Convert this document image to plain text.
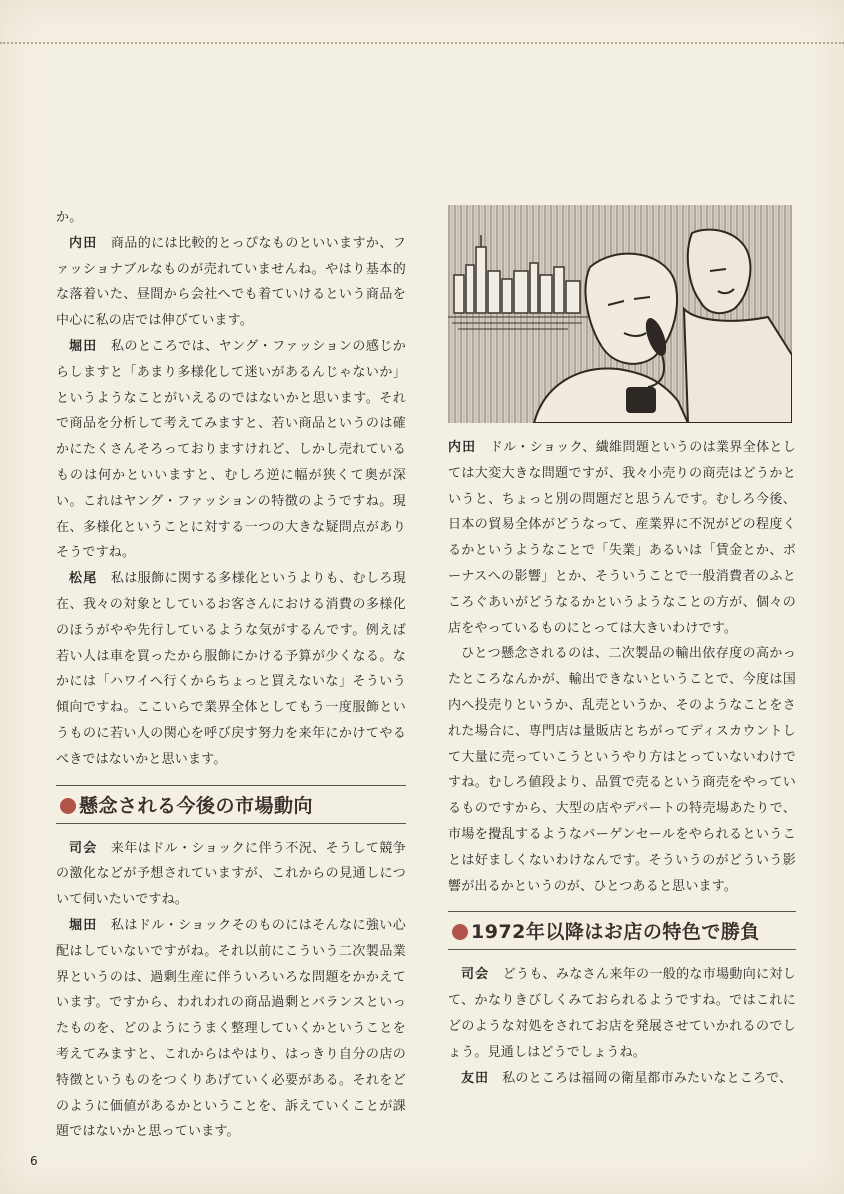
か。

内田　 商品的には比較的とっぴなものといいますか、ファッショナブルなものが売れていませんね。やはり基本的な落着いた、昼間から会社へでも着ていけるという商品を中心に私の店では伸びています。

堀田　 私のところでは、ヤング・ファッションの感じからしますと「あまり多様化して迷いがあるんじゃないか」というようなことがいえるのではないかと思います。それで商品を分析して考えてみますと、若い商品というのは確かにたくさんそろっておりますけれど、しかし売れているものは何かといいますと、むしろ逆に幅が狭くて奥が深い。これはヤング・ファッションの特徴のようですね。現在、多様化ということに対する一つの大きな疑問点がありそうですね。

松尾　 私は服飾に関する多様化というよりも、むしろ現在、我々の対象としているお客さんにおける消費の多様化のほうがやや先行しているような気がするんです。例えば若い人は車を買ったから服飾にかける予算が少くなる。なかには「ハワイへ行くからちょっと買えないな」そういう傾向ですね。ここいらで業界全体としてもう一度服飾というものに若い人の関心を呼び戻す努力を来年にかけてやるべきではないかと思います。

懸念される今後の市場動向

司会　 来年はドル・ショックに伴う不況、そうして競争の激化などが予想されていますが、これからの見通しについて伺いたいですね。

堀田　 私はドル・ショックそのものにはそんなに強い心配はしていないですがね。それ以前にこういう二次製品業界というのは、過剰生産に伴ういろいろな問題をかかえています。ですから、われわれの商品過剰とバランスといったものを、どのようにうまく整理していくかということを考えてみますと、これからはやはり、はっきり自分の店の特徴というものをつくりあげていく必要がある。それをどのように価値があるかということを、訴えていくことが課題ではないかと思っています。

内田　 ドル・ショック、繊維問題というのは業界全体としては大変大きな問題ですが、我々小売りの商売はどうかというと、ちょっと別の問題だと思うんです。むしろ今後、日本の貿易全体がどうなって、産業界に不況がどの程度くるかというようなことで「失業」あるいは「賃金とか、ボーナスへの影響」とか、そういうことで一般消費者のふところぐあいがどうなるかというようなことの方が、個々の店をやっているものにとっては大きいわけです。

ひとつ懸念されるのは、二次製品の輸出依存度の高かったところなんかが、輸出できないということで、今度は国内へ投売りというか、乱売というか、そのようなことをされた場合に、専門店は量販店とちがってディスカウントして大量に売っていこうというやり方はとっていないわけですね。むしろ値段より、品質で売るという商売をやっているものですから、大型の店やデパートの特売場あたりで、市場を攪乱するようなバーゲンセールをやられるということは好ましくないわけなんです。そういうのがどういう影響が出るかというのが、ひとつあると思います。

1972年以降はお店の特色で勝負

司会　 どうも、みなさん来年の一般的な市場動向に対して、かなりきびしくみておられるようですね。ではこれにどのような対処をされてお店を発展させていかれるのでしょう。見通しはどうでしょうね。

友田　 私のところは福岡の衛星都市みたいなところで、

6
